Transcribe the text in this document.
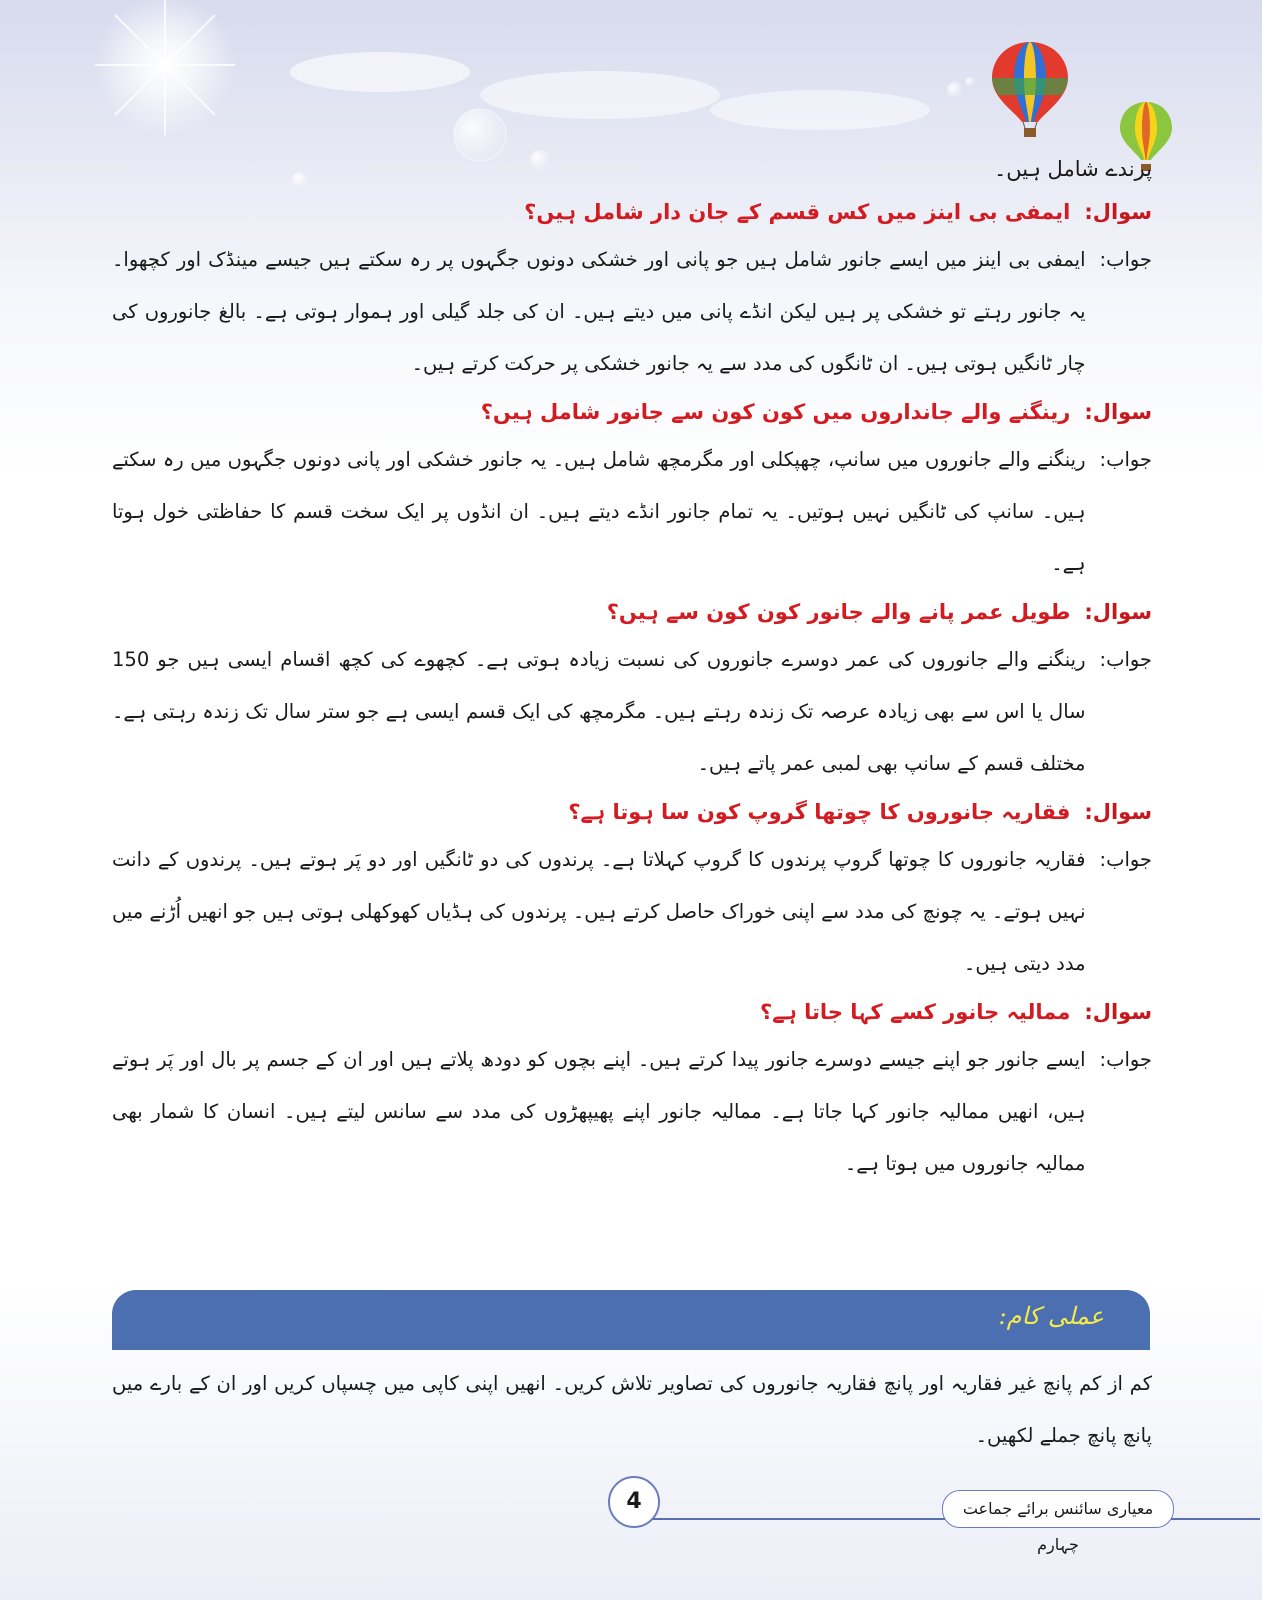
پرندے شامل ہیں۔

سوال:
ایمفی بی اینز میں کس قسم کے جان دار شامل ہیں؟
جواب:
ایمفی بی اینز میں ایسے جانور شامل ہیں جو پانی اور خشکی دونوں جگہوں پر رہ سکتے ہیں جیسے مینڈک اور کچھوا۔ یہ جانور رہتے تو خشکی پر ہیں لیکن انڈے پانی میں دیتے ہیں۔ ان کی جلد گیلی اور ہموار ہوتی ہے۔ بالغ جانوروں کی چار ٹانگیں ہوتی ہیں۔ ان ٹانگوں کی مدد سے یہ جانور خشکی پر حرکت کرتے ہیں۔
سوال:
رینگنے والے جانداروں میں کون کون سے جانور شامل ہیں؟
جواب:
رینگنے والے جانوروں میں سانپ، چھپکلی اور مگرمچھ شامل ہیں۔ یہ جانور خشکی اور پانی دونوں جگہوں میں رہ سکتے ہیں۔ سانپ کی ٹانگیں نہیں ہوتیں۔ یہ تمام جانور انڈے دیتے ہیں۔ ان انڈوں پر ایک سخت قسم کا حفاظتی خول ہوتا ہے۔
سوال:
طویل عمر پانے والے جانور کون کون سے ہیں؟
جواب:
رینگنے والے جانوروں کی عمر دوسرے جانوروں کی نسبت زیادہ ہوتی ہے۔ کچھوے کی کچھ اقسام ایسی ہیں جو 150 سال یا اس سے بھی زیادہ عرصہ تک زندہ رہتے ہیں۔ مگرمچھ کی ایک قسم ایسی ہے جو ستر سال تک زندہ رہتی ہے۔ مختلف قسم کے سانپ بھی لمبی عمر پاتے ہیں۔
سوال:
فقاریہ جانوروں کا چوتھا گروپ کون سا ہوتا ہے؟
جواب:
فقاریہ جانوروں کا چوتھا گروپ پرندوں کا گروپ کہلاتا ہے۔ پرندوں کی دو ٹانگیں اور دو پَر ہوتے ہیں۔ پرندوں کے دانت نہیں ہوتے۔ یہ چونچ کی مدد سے اپنی خوراک حاصل کرتے ہیں۔ پرندوں کی ہڈیاں کھوکھلی ہوتی ہیں جو انھیں اُڑنے میں مدد دیتی ہیں۔
سوال:
ممالیہ جانور کسے کہا جاتا ہے؟
جواب:
ایسے جانور جو اپنے جیسے دوسرے جانور پیدا کرتے ہیں۔ اپنے بچوں کو دودھ پلاتے ہیں اور ان کے جسم پر بال اور پَر ہوتے ہیں، انھیں ممالیہ جانور کہا جاتا ہے۔ ممالیہ جانور اپنے پھیپھڑوں کی مدد سے سانس لیتے ہیں۔ انسان کا شمار بھی ممالیہ جانوروں میں ہوتا ہے۔
عملی کام:
کم از کم پانچ غیر فقاریہ اور پانچ فقاریہ جانوروں کی تصاویر تلاش کریں۔ انھیں اپنی کاپی میں چسپاں کریں اور ان کے بارے میں پانچ پانچ جملے لکھیں۔
معیاری سائنس برائے جماعت چہارم
4
